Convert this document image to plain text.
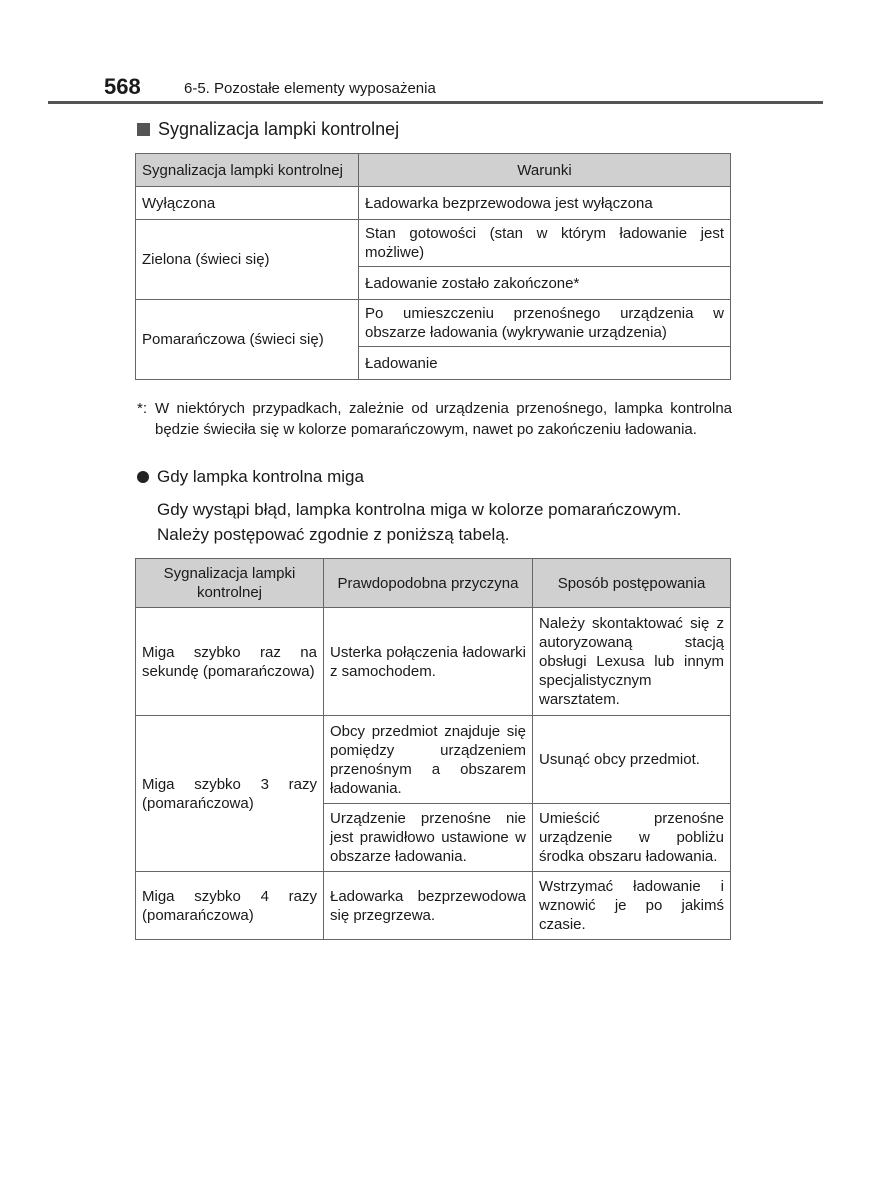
568	6-5. Pozostałe elementy wyposażenia
Sygnalizacja lampki kontrolnej
Sygnalizacja lampki kontrolnej	Warunki
Wyłączona	Ładowarka bezprzewodowa jest wyłączona
Zielona (świeci się)	Stan gotowości (stan w którym ładowanie jest możliwe)
	Ładowanie zostało zakończone*
Pomarańczowa (świeci się)	Po umieszczeniu przenośnego urządzenia w obszarze ładowania (wykrywanie urządzenia)
	Ładowanie
*: W niektórych przypadkach, zależnie od urządzenia przenośnego, lampka kontrolna będzie świeciła się w kolorze pomarańczowym, nawet po zakończeniu ładowania.
Gdy lampka kontrolna miga
Gdy wystąpi błąd, lampka kontrolna miga w kolorze pomarańczowym. Należy postępować zgodnie z poniższą tabelą.
Sygnalizacja lampki kontrolnej	Prawdopodobna przyczyna	Sposób postępowania
Miga szybko raz na sekundę (pomarańczowa)	Usterka połączenia ładowarki z samochodem.	Należy skontaktować się z autoryzowaną stacją obsługi Lexusa lub innym specjalistycznym warsztatem.
Miga szybko 3 razy (pomarańczowa)	Obcy przedmiot znajduje się pomiędzy urządzeniem przenośnym a obszarem ładowania.	Usunąć obcy przedmiot.
	Urządzenie przenośne nie jest prawidłowo ustawione w obszarze ładowania.	Umieścić przenośne urządzenie w pobliżu środka obszaru ładowania.
Miga szybko 4 razy (pomarańczowa)	Ładowarka bezprzewodowa się przegrzewa.	Wstrzymać ładowanie i wznowić je po jakimś czasie.
